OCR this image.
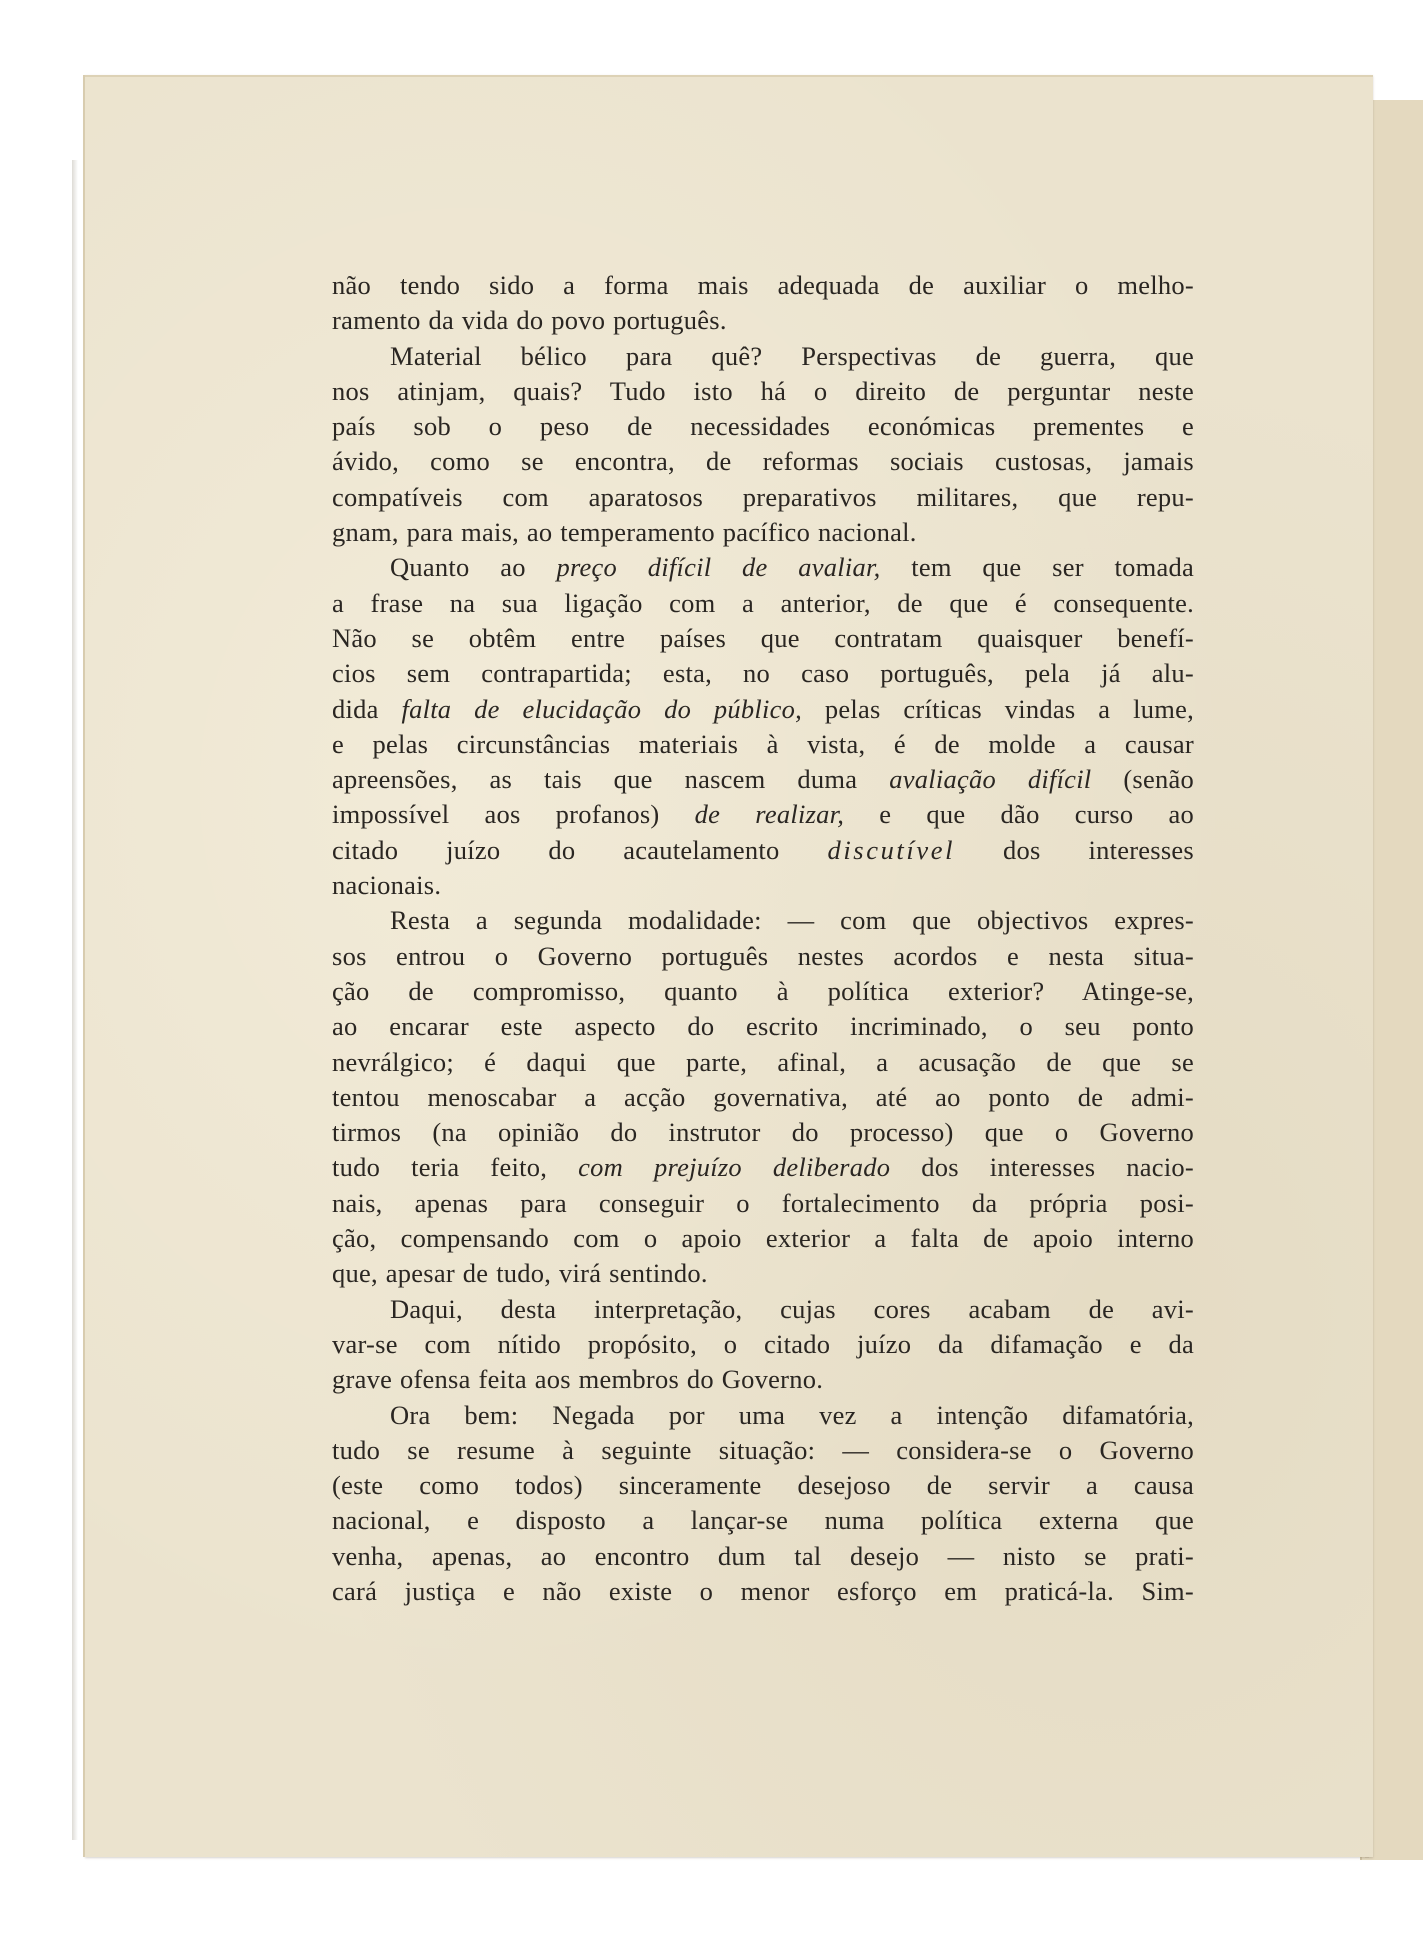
não tendo sido a forma mais adequada de auxiliar o melho-
ramento da vida do povo português.
Material bélico para quê? Perspectivas de guerra, que
nos atinjam, quais? Tudo isto há o direito de perguntar neste
país sob o peso de necessidades económicas prementes e
ávido, como se encontra, de reformas sociais custosas, jamais
compatíveis com aparatosos preparativos militares, que repu-
gnam, para mais, ao temperamento pacífico nacional.
Quanto ao preço difícil de avaliar, tem que ser tomada
a frase na sua ligação com a anterior, de que é consequente.
Não se obtêm entre países que contratam quaisquer benefí-
cios sem contrapartida; esta, no caso português, pela já alu-
dida falta de elucidação do público, pelas críticas vindas a lume,
e pelas circunstâncias materiais à vista, é de molde a causar
apreensões, as tais que nascem duma avaliação difícil (senão
impossível aos profanos) de realizar, e que dão curso ao
citado juízo do acautelamento discutível dos interesses
nacionais.
Resta a segunda modalidade: — com que objectivos expres-
sos entrou o Governo português nestes acordos e nesta situa-
ção de compromisso, quanto à política exterior? Atinge-se,
ao encarar este aspecto do escrito incriminado, o seu ponto
nevrálgico; é daqui que parte, afinal, a acusação de que se
tentou menoscabar a acção governativa, até ao ponto de admi-
tirmos (na opinião do instrutor do processo) que o Governo
tudo teria feito, com prejuízo deliberado dos interesses nacio-
nais, apenas para conseguir o fortalecimento da própria posi-
ção, compensando com o apoio exterior a falta de apoio interno
que, apesar de tudo, virá sentindo.
Daqui, desta interpretação, cujas cores acabam de avi-
var-se com nítido propósito, o citado juízo da difamação e da
grave ofensa feita aos membros do Governo.
Ora bem: Negada por uma vez a intenção difamatória,
tudo se resume à seguinte situação: — considera-se o Governo
(este como todos) sinceramente desejoso de servir a causa
nacional, e disposto a lançar-se numa política externa que
venha, apenas, ao encontro dum tal desejo — nisto se prati-
cará justiça e não existe o menor esforço em praticá-la. Sim-
